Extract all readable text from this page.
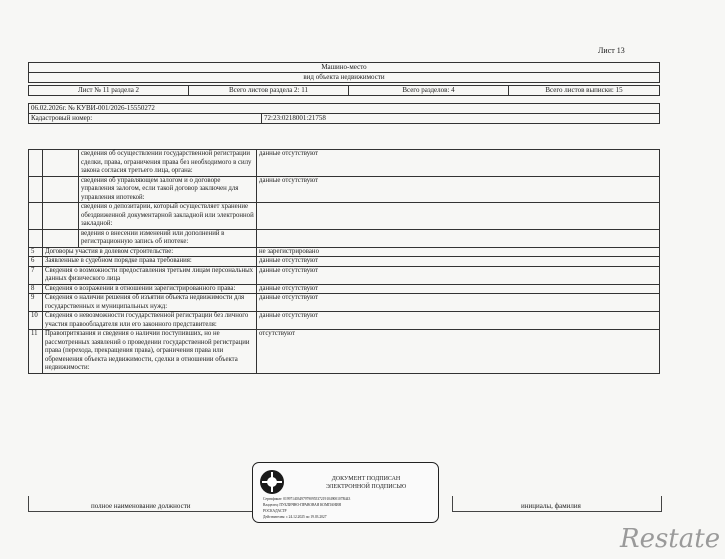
Лист 13
Машино-место
вид объекта недвижимости
Лист № 11 раздела 2	Всего листов раздела 2: 11	Всего разделов: 4	Всего листов выписки: 15
06.02.2026г. № КУВИ-001/2026-15550272
Кадастровый номер:	72:23:0218001:21758
		сведения об осуществлении государственной регистрации сделки, права, ограничения права без необходимого в силу закона согласия третьего лица, органа:	данные отсутствуют
		сведения об управляющем залогом и о договоре управления залогом, если такой договор заключен для управления ипотекой:	данные отсутствуют
		сведения о депозитарии, который осуществляет хранение обездвиженной документарной закладной или электронной закладной:	
		ведения о внесении изменений или дополнений в регистрационную запись об ипотеке:	
5	Договоры участия в долевом строительстве:		не зарегистрировано
6	Заявленные в судебном порядке права требования:		данные отсутствуют
7	Сведения о возможности предоставления третьим лицам персональных данных физического лица		данные отсутствуют
8	Сведения о возражении в отношении зарегистрированного права:		данные отсутствуют
9	Сведения о наличии решения об изъятии объекта недвижимости для государственных и муниципальных нужд:		данные отсутствуют
10	Сведения о невозможности государственной регистрации без личного участия правообладателя или его законного представителя:		данные отсутствуют
11	Правопритязания и сведения о наличии поступивших, но не рассмотренных заявлений о проведении государственной регистрации права (перехода, прекращения права), ограничения права или обременения объекта недвижимости, сделки в отношении объекта недвижимости:		отсутствуют
полное наименование должности	инициалы, фамилия
ДОКУМЕНТ ПОДПИСАН
ЭЛЕКТРОННОЙ ПОДПИСЬЮ
Сертификат: 019971403497979095537219104900107B443
Владелец: ПУБЛИЧНО-ПРАВОВАЯ КОМПАНИЯ
РОСКАДАСТР
Действителен: с 24.12.2025 по 19.03.2027
Restate
